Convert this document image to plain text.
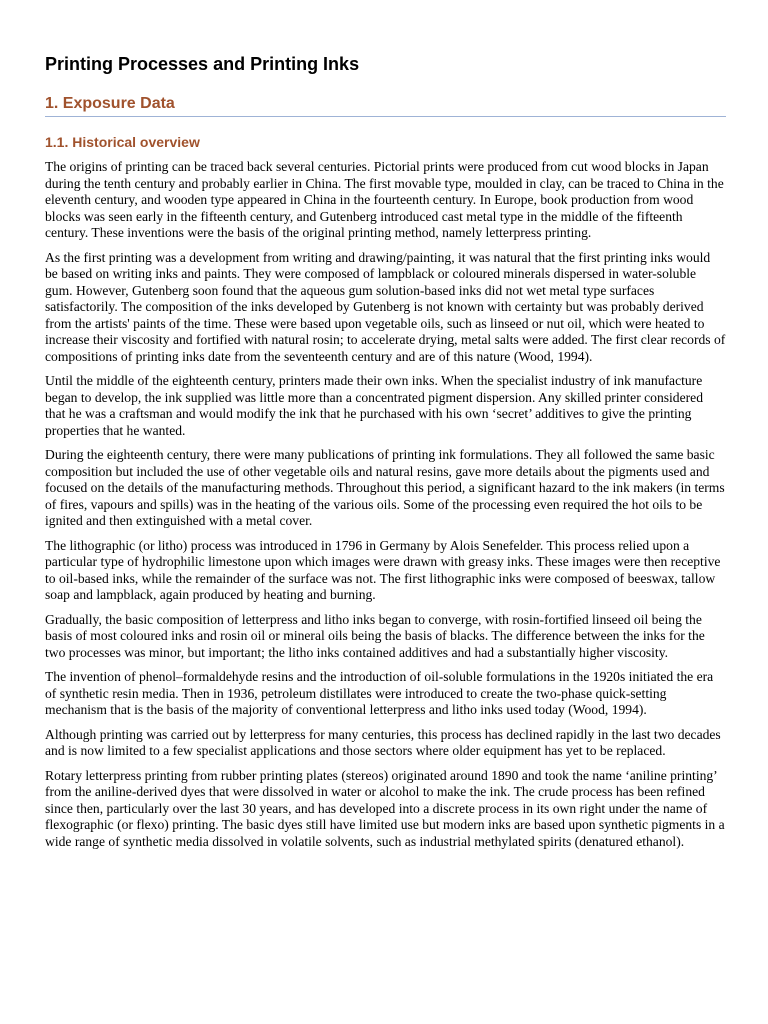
Printing Processes and Printing Inks
1. Exposure Data
1.1. Historical overview

The origins of printing can be traced back several centuries. Pictorial prints were produced from cut wood blocks in Japan during the tenth century and probably earlier in China. The first movable type, moulded in clay, can be traced to China in the eleventh century, and wooden type appeared in China in the fourteenth century. In Europe, book production from wood blocks was seen early in the fifteenth century, and Gutenberg introduced cast metal type in the middle of the fifteenth century. These inventions were the basis of the original printing method, namely letterpress printing.

As the first printing was a development from writing and drawing/painting, it was natural that the first printing inks would be based on writing inks and paints. They were composed of lampblack or coloured minerals dispersed in water-soluble gum. However, Gutenberg soon found that the aqueous gum solution-based inks did not wet metal type surfaces satisfactorily. The composition of the inks developed by Gutenberg is not known with certainty but was probably derived from the artists' paints of the time. These were based upon vegetable oils, such as linseed or nut oil, which were heated to increase their viscosity and fortified with natural rosin; to accelerate drying, metal salts were added. The first clear records of compositions of printing inks date from the seventeenth century and are of this nature (Wood, 1994).

Until the middle of the eighteenth century, printers made their own inks. When the specialist industry of ink manufacture began to develop, the ink supplied was little more than a concentrated pigment dispersion. Any skilled printer considered that he was a craftsman and would modify the ink that he purchased with his own ‘secret’ additives to give the printing properties that he wanted.

During the eighteenth century, there were many publications of printing ink formulations. They all followed the same basic composition but included the use of other vegetable oils and natural resins, gave more details about the pigments used and focused on the details of the manufacturing methods. Throughout this period, a significant hazard to the ink makers (in terms of fires, vapours and spills) was in the heating of the various oils. Some of the processing even required the hot oils to be ignited and then extinguished with a metal cover.

The lithographic (or litho) process was introduced in 1796 in Germany by Alois Senefelder. This process relied upon a particular type of hydrophilic limestone upon which images were drawn with greasy inks. These images were then receptive to oil-based inks, while the remainder of the surface was not. The first lithographic inks were composed of beeswax, tallow soap and lampblack, again produced by heating and burning.

Gradually, the basic composition of letterpress and litho inks began to converge, with rosin-fortified linseed oil being the basis of most coloured inks and rosin oil or mineral oils being the basis of blacks. The difference between the inks for the two processes was minor, but important; the litho inks contained additives and had a substantially higher viscosity.

The invention of phenol–formaldehyde resins and the introduction of oil-soluble formulations in the 1920s initiated the era of synthetic resin media. Then in 1936, petroleum distillates were introduced to create the two-phase quick-setting mechanism that is the basis of the majority of conventional letterpress and litho inks used today (Wood, 1994).

Although printing was carried out by letterpress for many centuries, this process has declined rapidly in the last two decades and is now limited to a few specialist applications and those sectors where older equipment has yet to be replaced.

Rotary letterpress printing from rubber printing plates (stereos) originated around 1890 and took the name ‘aniline printing’ from the aniline-derived dyes that were dissolved in water or alcohol to make the ink. The crude process has been refined since then, particularly over the last 30 years, and has developed into a discrete process in its own right under the name of flexographic (or flexo) printing. The basic dyes still have limited use but modern inks are based upon synthetic pigments in a wide range of synthetic media dissolved in volatile solvents, such as industrial methylated spirits (denatured ethanol).
